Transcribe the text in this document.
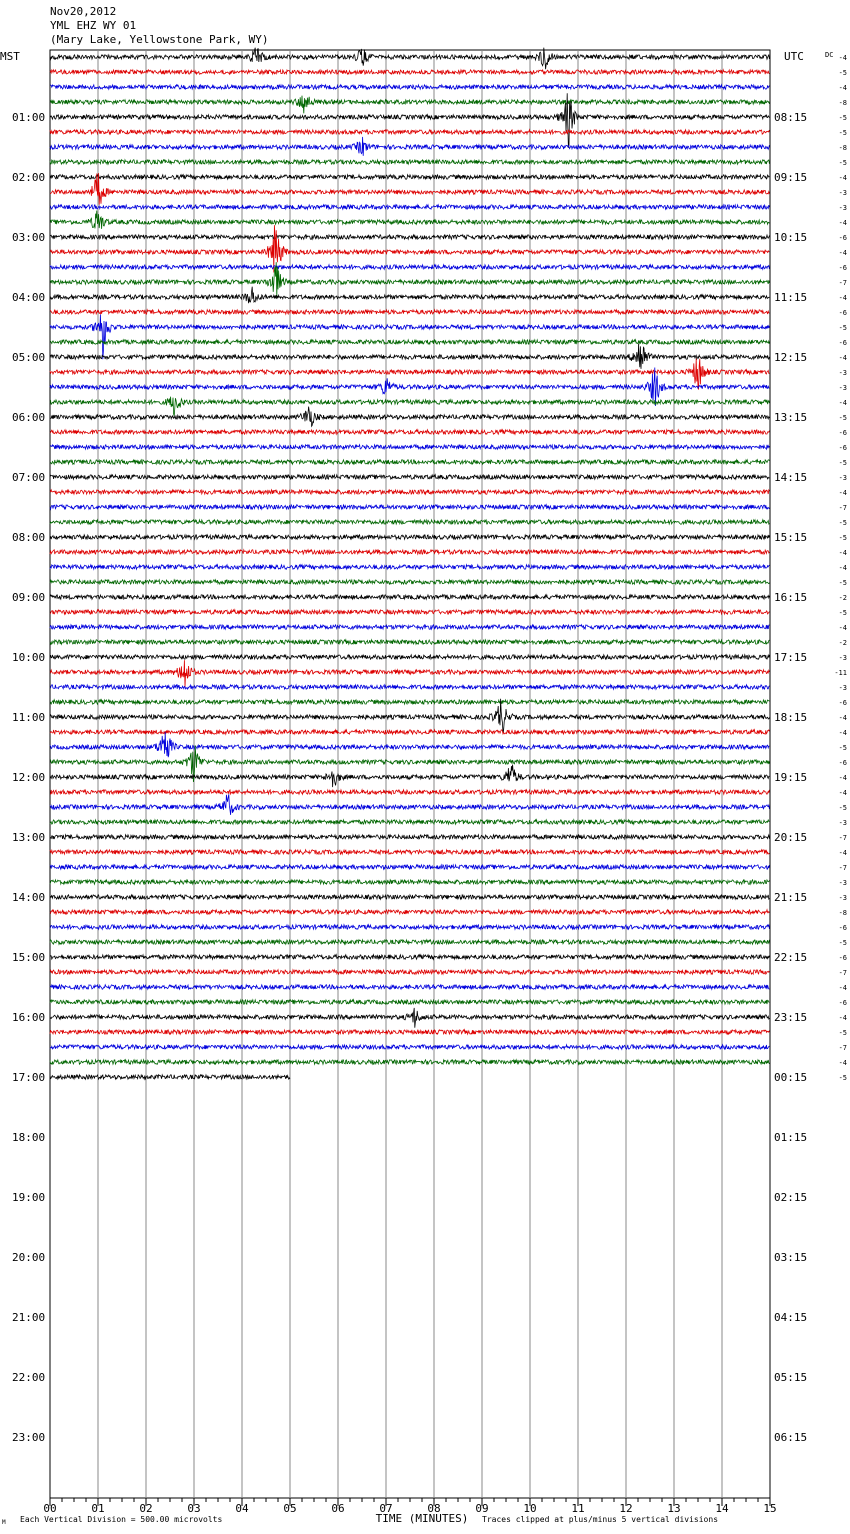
Nov20,2012
YML EHZ WY 01
(Mary Lake, Yellowstone Park, WY)
00	01	02	03	04	05	06	07	08	09	10	11	12	13	14	15
TIME (MINUTES)
MST	UTC	DC
01:00
02:00
03:00
04:00
05:00
06:00
07:00
08:00
09:00
10:00
11:00
12:00
13:00
14:00
15:00
16:00
17:00
18:00
19:00
20:00
21:00
22:00
23:00
08:15
09:15
10:15
11:15
12:15
13:15
14:15
15:15
16:15
17:15
18:15
19:15
20:15
21:15
22:15
23:15
00:15
01:15
02:15
03:15
04:15
05:15
06:15
-4
-5
-4
-8
-5
-5
-8
-5
-4
-3
-3
-4
-6
-4
-6
-7
-4
-6
-5
-6
-4
-3
-3
-4
-5
-6
-6
-5
-3
-4
-7
-5
-5
-4
-4
-5
-2
-5
-4
-2
-3
-11
-3
-6
-4
-4
-5
-6
-4
-4
-5
-3
-7
-4
-7
-3
-3
-8
-6
-5
-6
-7
-4
-6
-4
-5
-7
-4
-5
Each Vertical Division = 500.00 microvolts
M	Traces clipped at plus/minus 5 vertical divisions
